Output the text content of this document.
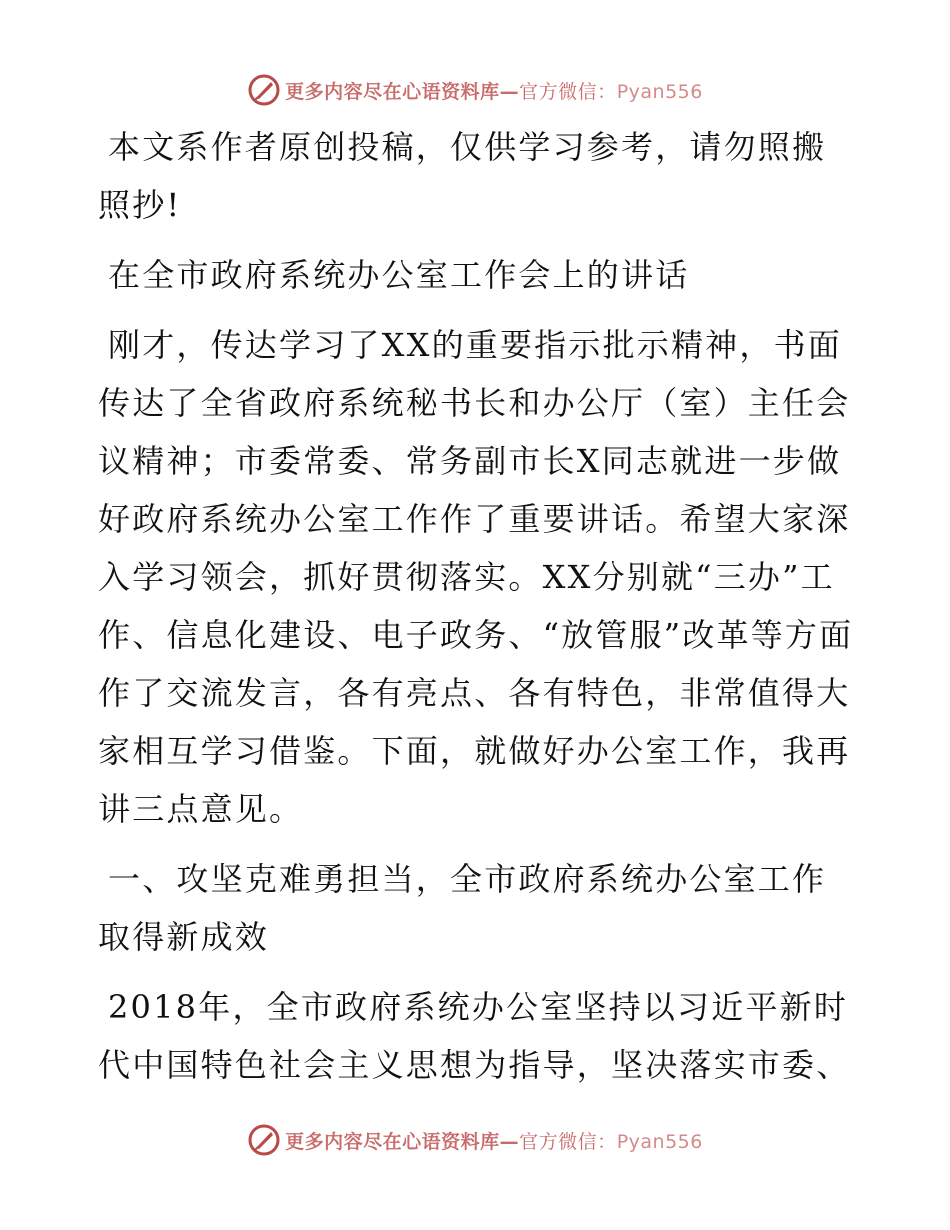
更多内容尽在心语资料库—官方微信：Pyan556

本文系作者原创投稿，仅供学习参考，请勿照搬照抄!

在全市政府系统办公室工作会上的讲话

刚才，传达学习了XX的重要指示批示精神，书面传达了全省政府系统秘书长和办公厅（室）主任会议精神；市委常委、常务副市长X同志就进一步做好政府系统办公室工作作了重要讲话。希望大家深入学习领会，抓好贯彻落实。XX分别就“三办”工作、信息化建设、电子政务、“放管服”改革等方面作了交流发言，各有亮点、各有特色，非常值得大家相互学习借鉴。下面，就做好办公室工作，我再讲三点意见。

一、攻坚克难勇担当，全市政府系统办公室工作取得新成效

2018年，全市政府系统办公室坚持以习近平新时代中国特色社会主义思想为指导，坚决落实市委、

更多内容尽在心语资料库—官方微信：Pyan556
